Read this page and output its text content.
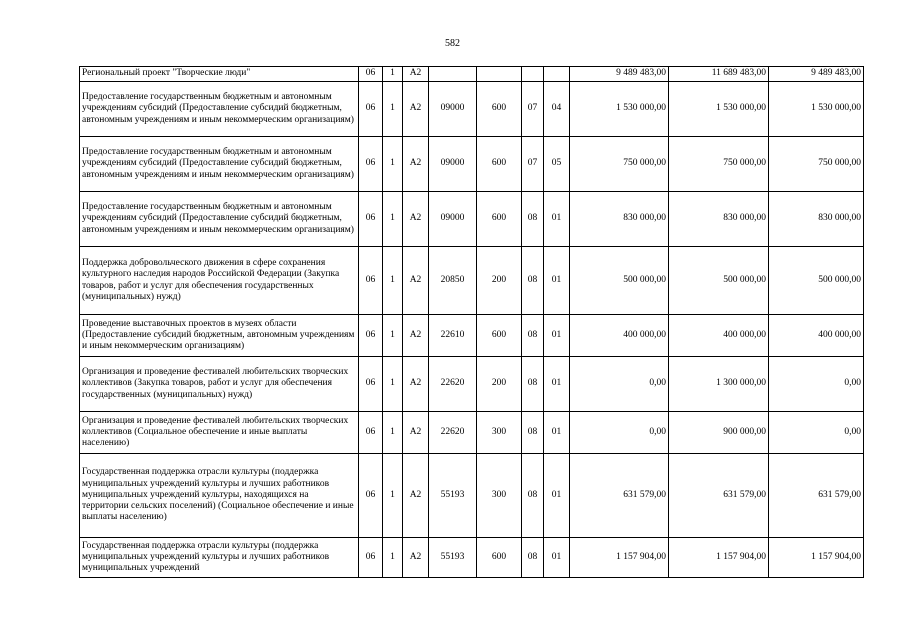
582
Региональный проект "Творческие люди"	06	1	A2					9 489 483,00	11 689 483,00	9 489 483,00
Предоставление государственным бюджетным и автономным учреждениям субсидий (Предоставление субсидий бюджетным, автономным учреждениям и иным некоммерческим организациям)	06	1	A2	09000	600	07	04	1 530 000,00	1 530 000,00	1 530 000,00
Предоставление государственным бюджетным и автономным учреждениям субсидий (Предоставление субсидий бюджетным, автономным учреждениям и иным некоммерческим организациям)	06	1	A2	09000	600	07	05	750 000,00	750 000,00	750 000,00
Предоставление государственным бюджетным и автономным учреждениям субсидий (Предоставление субсидий бюджетным, автономным учреждениям и иным некоммерческим организациям)	06	1	A2	09000	600	08	01	830 000,00	830 000,00	830 000,00
Поддержка добровольческого движения в сфере сохранения культурного наследия народов Российской Федерации (Закупка товаров, работ и услуг для обеспечения государственных (муниципальных) нужд)	06	1	A2	20850	200	08	01	500 000,00	500 000,00	500 000,00
Проведение выставочных проектов в музеях области (Предоставление субсидий бюджетным, автономным учреждениям и иным некоммерческим организациям)	06	1	A2	22610	600	08	01	400 000,00	400 000,00	400 000,00
Организация и проведение фестивалей любительских творческих коллективов (Закупка товаров, работ и услуг для обеспечения государственных (муниципальных) нужд)	06	1	A2	22620	200	08	01	0,00	1 300 000,00	0,00
Организация и проведение фестивалей любительских творческих коллективов (Социальное обеспечение и иные выплаты населению)	06	1	A2	22620	300	08	01	0,00	900 000,00	0,00
Государственная поддержка отрасли культуры (поддержка муниципальных учреждений культуры и лучших работников муниципальных учреждений культуры, находящихся на территории сельских поселений) (Социальное обеспечение и иные выплаты населению)	06	1	A2	55193	300	08	01	631 579,00	631 579,00	631 579,00
Государственная поддержка отрасли культуры (поддержка муниципальных учреждений культуры и лучших работников муниципальных учреждений	06	1	A2	55193	600	08	01	1 157 904,00	1 157 904,00	1 157 904,00
